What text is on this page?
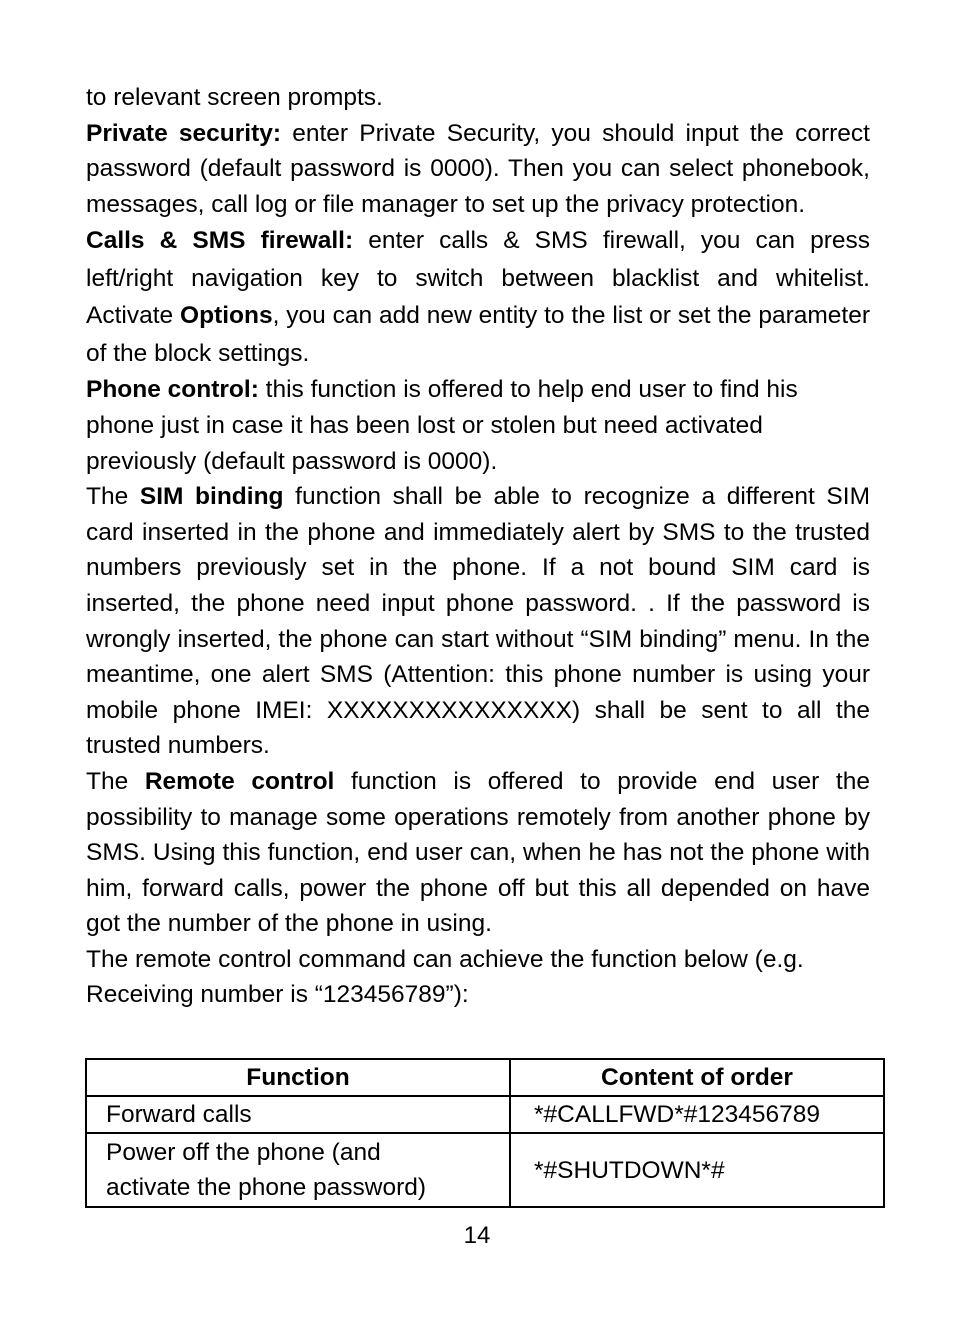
to relevant screen prompts.

Private security: enter Private Security, you should input the correct password (default password is 0000). Then you can select phonebook, messages, call log or file manager to set up the privacy protection.

Calls & SMS firewall: enter calls & SMS firewall, you can press left/right navigation key to switch between blacklist and whitelist. Activate Options, you can add new entity to the list or set the parameter of the block settings.

Phone control: this function is offered to help end user to find his
phone just in case it has been lost or stolen but need activated
previously (default password is 0000).

The SIM binding function shall be able to recognize a different SIM card inserted in the phone and immediately alert by SMS to the trusted numbers previously set in the phone. If a not bound SIM card is inserted, the phone need input phone password. . If the password is wrongly inserted, the phone can start without “SIM binding” menu. In the meantime, one alert SMS (Attention: this phone number is using your mobile phone IMEI: XXXXXXXXXXXXXXX) shall be sent to all the trusted numbers.

The Remote control function is offered to provide end user the possibility to manage some operations remotely from another phone by SMS. Using this function, end user can, when he has not the phone with him, forward calls, power the phone off but this all depended on have got the number of the phone in using.

The remote control command can achieve the function below (e.g.
Receiving number is “123456789”):

Function	Content of order
Forward calls	*#CALLFWD*#123456789
Power off the phone (and
activate the phone password)	*#SHUTDOWN*#
14
